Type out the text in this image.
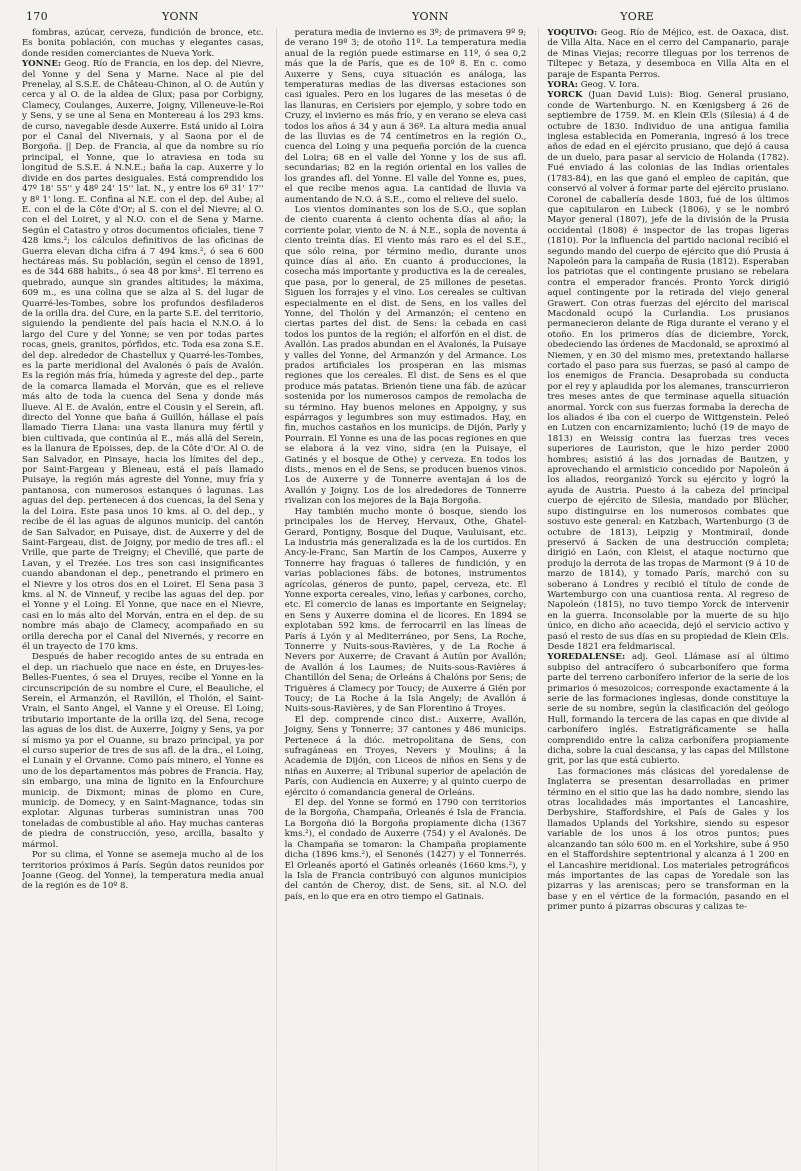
170	YONN	YONN	YORE

fombras, azúcar, cerveza, fundición de bronce, etc. Es bonita población, con muchas y elegantes casas, donde residen comerciantes de Nueva York.

YONNE: Geog. Río de Francia, en los dep. del Nievre, del Yonne y del Sena y Marne. Nace al pie del Prenelay, al S.S.E. de Château-Chinon, al O. de Autún y cerca y al O. de la aldea de Glux; pasa por Corbigny, Clamecy, Coulanges, Auxerre, Joigny, Villeneuve-le-Roi y Sens, y se une al Sena en Montereau á los 293 kms. de curso, navegable desde Auxerre. Está unido al Loira por el Canal del Nivernais, y al Saona por el de Borgoña. || Dep. de Francia, al que da nombre su río principal, el Yonne, que lo atraviesa en toda su longitud de S.S.E. á N.N.E.; baña la cap. Auxerre y lo divide en dos partes desiguales. Está comprendido los 47º 18' 55'' y 48º 24' 15'' lat. N., y entre los 6º 31' 17'' y 8º 1' long. E. Confina al N.E. con el dep. del Aube; al E. con el de la Côte d'Or; al S. con el del Nievre; al O. con el del Loiret, y al N.O. con el de Sena y Marne. Según el Catastro y otros documentos oficiales, tiene 7 428 kms.²; los cálculos definitivos de las oficinas de Guerra elevan dicha cifra á 7 494 kms.², ó sea 6 600 hectáreas más. Su población, según el censo de 1891, es de 344 688 habits., ó sea 48 por kms². El terreno es quebrado, aunque sin grandes altitudes; la máxima, 609 m., es una colina que se alza al S. del lugar de Quarré-les-Tombes, sobre los profundos desfiladeros de la orilla dra. del Cure, en la parte S.E. del territorio, siguiendo la pendiente del país hacia el N.N.O. á lo largo del Cure y del Yonne; se ven por todas partes rocas, gneis, granitos, pórfidos, etc. Toda esa zona S.E. del dep. alrededor de Chastellux y Quarré-les-Tombes, es la parte meridional del Avalonés ó país de Avalón. Es la región más fría, húmeda y agreste del dep., parte de la comarca llamada el Morván, que es el relieve más alto de toda la cuenca del Sena y donde más llueve. Al E. de Avalón, entre el Cousin y el Serein, afl. directo del Yonne que baña á Guillón, hállase el país llamado Tierra Llana: una vasta llanura muy fértil y bien cultivada, que continúa al E., más allá del Serein, es la llanura de Epoisses, dep. de la Côte d'Or. Al O. de San Salvador, en Pinsaye, hacia los límites del dep., por Saint-Fargeau y Bleneau, está el país llamado Puisaye, la región más agreste del Yonne, muy fría y pantanosa, con numerosos estanques ó lagunas. Las aguas del dep. pertenecen á dos cuencas, la del Sena y la del Loira. Este pasa unos 10 kms. al O. del dep., y recibe de él las aguas de algunos municip. del cantón de San Salvador, en Puisaye, dist. de Auxerre y del de Saint-Fargeau, dist. de Joigny, por medio de tres afl.: el Vrille, que parte de Treigny; el Chevillé, que parte de Lavan, y el Trezée. Los tres son casi insignificantes cuando abandonan el dep., penetrando el primero en el Nievre y los otros dos en el Loiret. El Sena pasa 3 kms. al N. de Vinneuf, y recibe las aguas del dep. por el Yonne y el Loing. El Yonne, que nace en el Nievre, casi en lo más alto del Morván, entra en el dep. de su nombre más abajo de Clamecy, acompañado en su orilla derecha por el Canal del Nivernés, y recorre en él un trayecto de 170 kms.

Después de haber recogido antes de su entrada en el dep. un riachuelo que nace en éste, en Druyes-les-Belles-Fuentes, ó sea el Druyes, recibe el Yonne en la circunscripción de su nombre el Cure, el Beauliche, el Serein, el Armanzón, el Ravillón, el Tholón, el Saint-Vrain, el Santo Angel, el Vanne y el Oreuse. El Loing, tributario importante de la orilla izq. del Sena, recoge las aguas de los dist. de Auxerre, Joigny y Sens, ya por sí mismo ya por el Ouanne, su brazo principal, ya por el curso superior de tres de sus afl. de la dra., el Loing, el Lunain y el Orvanne. Como país minero, el Yonne es uno de los departamentos más pobres de Francia. Hay, sin embargo, una mina de lignito en la Enfourchure municip. de Dixmont; minas de plomo en Cure, municip. de Domecy, y en Saint-Magnance, todas sin explotar. Algunas turberas suministran unas 700 toneladas de combustible al año. Hay muchas canteras de piedra de construcción, yeso, arcilla, basalto y mármol.

Por su clima, el Yonne se asemeja mucho al de los territorios próximos á París. Según datos reunidos por Joanne (Geog. del Yonne), la temperatura media anual de la región es de 10º 8.

peratura media de invierno es 3º; de primavera 9º 9; de verano 19º 3; de otoño 11º. La temperatura media anual de la región puede estimarse en 11º, ó sea 0,2 más que la de París, que es de 10º 8. En c. como Auxerre y Sens, cuya situación es análoga, las temperaturas medias de las diversas estaciones son casi iguales. Pero en los lugares de las mesetas ó de las llanuras, en Cerisiers por ejemplo, y sobre todo en Cruzy, el invierno es más frío, y en verano se eleva casi todos los años á 34 y aun á 36º. La altura media anual de las lluvias es de 74 centímetros en la región O., cuenca del Loing y una pequeña porción de la cuenca del Loira; 68 en el valle del Yonne y los de sus afl. secundarias; 82 en la región oriental en los valles de los grandes afl. del Yonne. El valle del Yonne es, pues, el que recibe menos agua. La cantidad de lluvia va aumentando de N.O. á S.E., como el relieve del suelo.

Los vientos dominantes son los de S.O., que soplan de ciento cuarenta á ciento ochenta días al año; la corriente polar, viento de N. á N.E., sopla de noventa á ciento treinta días. El viento más raro es el del S.E., que sólo reina, por término medio, durante unos quince días al año. En cuanto á producciones, la cosecha más importante y productiva es la de cereales, que pasa, por lo general, de 25 millones de pesetas. Siguen los forrajes y el vino. Los cereales se cultivan especialmente en el dist. de Sens, en los valles del Yonne, del Tholón y del Armanzón; el centeno en ciertas partes del dist. de Sens: la cebada en casi todos los puntos de la región; el alforfón en el dist. de Avallón. Las prados abundan en el Avalonés, la Puisaye y valles del Yonne, del Armanzón y del Armance. Los prados artificiales los prosperan en las mismas regiones que los cereales. El dist. de Sens es el que produce más patatas. Brienón tiene una fáb. de azúcar sostenida por los numerosos campos de remolacha de su término. Hay buenos melones en Appoigny, y sus espárragos y legumbres son muy estimados. Hay, en fin, muchos castaños en los municips. de Dijón, Parly y Pourrain. El Yonne es una de las pocas regiones en que se elabora á la vez vino, sidra (en la Puisaye, el Gatinés y el bosque de Othe) y cerveza. En todos los dists., menos en el de Sens, se producen buenos vinos. Los de Auxerre y de Tonnerre aventajan á los de Avallón y Joigny. Los de los alrededores de Tonnerre rivalizan con los mejores de la Baja Borgoña.

Hay también mucho monte ó bosque, siendo los principales los de Hervey, Hervaux, Othe, Ghatel-Gerard, Pontigny, Bosque del Duque, Vauluisant, etc. La industria más generalizada es la de los curtidos. En Ancy-le-Franc, San Martín de los Campos, Auxerre y Tonnerre hay fraguas ó talleres de fundición, y en varias poblaciones fábs. de botones, instrumentos agrícolas, géneros de punto, papel, cerveza, etc. El Yonne exporta cereales, vino, leñas y carbones, corcho, etc. El comercio de lanas es importante en Seignelay; en Sens y Auxerre domina el de licores. En 1894 se explotaban 592 kms. de ferrocarril en las líneas de París á Lyón y al Mediterráneo, por Sens, La Roche, Tonnerre y Nuits-sous-Ravières, y de La Roche á Nevers por Auxerre; de Cravant á Autún por Avallón; de Avallón á los Laumes; de Nuits-sous-Ravières á Chantillón del Sena; de Orleáns á Chalóns por Sens; de Triguères á Clamecy por Toucy; de Auxerre á Gién por Toucy; de La Roche á la Isla Angely; de Avallón á Nuits-sous-Ravières, y de San Florentino á Troyes.

El dep. comprende cinco dist.: Auxerre, Avallón, Joigny, Sens y Tonnerre; 37 cantones y 486 municips. Pertenece á la dióc. metropolitana de Sens, con sufragáneas en Troyes, Nevers y Moulins; á la Academia de Dijón, con Liceos de niños en Sens y de niñas en Auxerre; al Tribunal superior de apelación de París, con Audiencia en Auxerre; y al quinto cuerpo de ejército ó comandancia general de Orleáns.

El dep. del Yonne se formó en 1790 con territorios de la Borgoña, Champaña, Orleanés é Isla de Francia. La Borgoña dió la Borgoña propiamente dicha (1367 kms.²), el condado de Auxerre (754) y el Avalonés. De la Champaña se tomaron: la Champaña propiamente dicha (1896 kms.²), el Senonés (1427) y el Tonnerrés. El Orleanés aportó el Gatinés orleanés (1660 kms.²), y la Isla de Francia contribuyó con algunos municipios del cantón de Cheroy, dist. de Sens, sit. al N.O. del país, en lo que era en otro tiempo el Gatinais.

YOQUIVO: Geog. Río de Méjico, est. de Oaxaca, dist. de Villa Alta. Nace en el cerro del Campanario, paraje de Minas Viejas; recorre tlleguas por los terrenos de Tiltepec y Betaza, y desemboca en Villa Alta en el paraje de Espanta Perros.

YORA: Geog. V. Iora.

YORCK (Juan David Luis): Biog. General prusiano, conde de Wartenburgo. N. en Kœnigsberg á 26 de septiembre de 1759. M. en Klein Œls (Silesia) á 4 de octubre de 1830. Individuo de una antigua familia inglesa establecida en Pomerania, ingresó á los trece años de edad en el ejército prusiano, que dejó á causa de un duelo, para pasar al servicio de Holanda (1782). Fué enviado á las colonias de las Indias orientales (1783-84), en las que ganó el empleo de capitán, que conservó al volver á formar parte del ejército prusiano. Coronel de caballería desde 1803, fué de los últimos que capitularon en Lubeck (1806), y se le nombró Mayor general (1807), jefe de la división de la Prusia occidental (1808) é inspector de las tropas ligeras (1810). Por la influencia del partido nacional recibió el segundo mando del cuerpo de ejército que dió Prusia á Napoleón para la campaña de Rusia (1812). Esperaban los patriotas que el contingente prusiano se rebelara contra el emperador francés. Pronto Yorck dirigió aquel contingente por la retirada del viejo general Grawert. Con otras fuerzas del ejército del mariscal Macdonald ocupó la Curlandia. Los prusianos permanecieron delante de Riga durante el verano y el otoño. En los primeros días de diciembre, Yorck, obedeciendo las órdenes de Macdonald, se aproximó al Niemen, y en 30 del mismo mes, pretextando hallarse cortado el paso para sus fuerzas, se pasó al campo de los enemigos de Francia. Desaprobada su conducta por el rey y aplaudida por los alemanes, transcurrieron tres meses antes de que terminase aquella situación anormal. Yorck con sus fuerzas formaba la derecha de los aliados é iba con el cuerpo de Wittgenstein. Peleó en Lutzen con encarnizamiento; luchó (19 de mayo de 1813) en Weissig contra las fuerzas tres veces superiores de Lauriston, que le hizo perder 2000 hombres; asistió á las dos jornadas de Bautzen, y aprovechando el armisticio concedido por Napoleón á los aliados, reorganizó Yorck su ejército y logró la ayuda de Austria. Puesto á la cabeza del principal cuerpo de ejército de Silesia, mandado por Blücher, supo distinguirse en los numerosos combates que sostuvo este general: en Katzbach, Wartenburgo (3 de octubre de 1813), Leipzig y Montmirail, donde preservó á Sacken de una destrucción completa; dirigió en Laón, con Kleist, el ataque nocturno que produjo la derrota de las tropas de Marmont (9 á 10 de marzo de 1814), y tomado París, marchó con su soberano á Londres y recibió el título de conde de Wartemburgo con una cuantiosa renta. Al regreso de Napoleón (1815), no tuvo tiempo Yorck de intervenir en la guerra. Inconsolable por la muerte de su hijo único, en dicho año acaecida, dejó el servicio activo y pasó el resto de sus días en su propiedad de Klein Œls. Desde 1821 era feldmariscal.

YOREDALENSE: adj. Geol. Llámase así al último subpiso del antracífero ó subcarbonífero que forma parte del terreno carbonífero inferior de la serie de los primarios ó mesozoicos; corresponde exactamente á la serie de las formaciones inglesas, donde constituye la serie de su nombre, según la clasificación del geólogo Hull, formando la tercera de las capas en que divide al carbonífero inglés. Estratigráficamente se halla comprendido entre la caliza carbonífera propiamente dicha, sobre la cual descansa, y las capas del Millstone grit, por las que está cubierto.

Las formaciones más clásicas del yoredalense de Inglaterra se presentan desarrolladas en primer término en el sitio que las ha dado nombre, siendo las otras localidades más importantes el Lancashire, Derbyshire, Staffordshire, el País de Gales y los llamados Uplands del Yorkshire, siendo su espesor variable de los unos á los otros puntos; pues alcanzando tan sólo 600 m. en el Yorkshire, sube á 950 en el Staffordshire septentrional y alcanza á 1 200 en el Lancashire meridional. Los materiales petrográficos más importantes de las capas de Yoredale son las pizarras y las areniscas; pero se transforman en la base y en el vértice de la formación, pasando en el primer punto á pizarras obscuras y calizas te-
